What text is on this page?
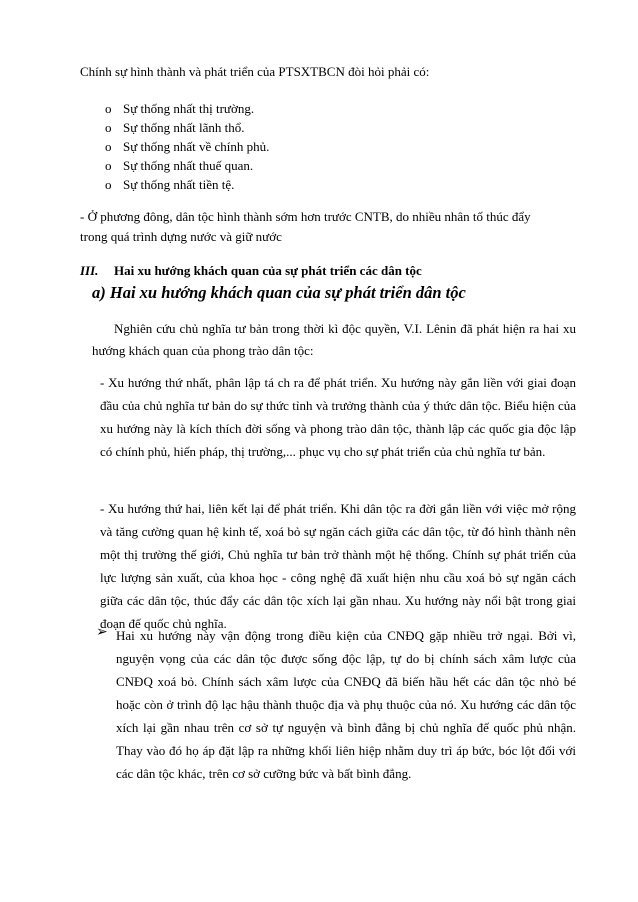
Chính sự hình thành và phát triển của PTSXTBCN đòi hỏi phải có:
o Sự thống nhất thị trường.
o Sự thống nhất lãnh thổ.
o Sự thống nhất về chính phủ.
o Sự thống nhất thuế quan.
o Sự thống nhất tiền tệ.
- Ở phương đông, dân tộc hình thành sớm hơn trước CNTB, do nhiều nhân tố thúc đẩy
trong quá trình dựng nước và giữ nước
III. Hai xu hướng khách quan của sự phát triển các dân tộc
a) Hai xu hướng khách quan của sự phát triển dân tộc

Nghiên cứu chủ nghĩa tư bản trong thời kì độc quyền, V.I. Lênin đã phát hiện ra hai xu hướng khách quan của phong trào dân tộc:

- Xu hướng thứ nhất, phân lập tá ch ra để phát triển. Xu hướng này gắn liền với giai đoạn đầu của chủ nghĩa tư bản do sự thức tỉnh và trưởng thành của ý thức dân tộc. Biểu hiện của xu hướng này là kích thích đời sống và phong trào dân tộc, thành lập các quốc gia độc lập có chính phủ, hiến pháp, thị trường,... phục vụ cho sự phát triển của chủ nghĩa tư bản.

- Xu hướng thứ hai, liên kết lại để phát triển. Khi dân tộc ra đời gắn liền với việc mở rộng và tăng cường quan hệ kinh tế, xoá bỏ sự ngăn cách giữa các dân tộc, từ đó hình thành nên một thị trường thế giới, Chủ nghĩa tư bản trở thành một hệ thống. Chính sự phát triển của lực lượng sản xuất, của khoa học - công nghệ đã xuất hiện nhu cầu xoá bỏ sự ngăn cách giữa các dân tộc, thúc đẩy các dân tộc xích lại gần nhau. Xu hướng này nổi bật trong giai đoạn đế quốc chủ nghĩa.

➢ Hai xu hướng này vận động trong điều kiện của CNĐQ gặp nhiều trở ngại. Bởi vì, nguyện vọng của các dân tộc được sống độc lập, tự do bị chính sách xâm lược của CNĐQ xoá bỏ. Chính sách xâm lược của CNĐQ đã biến hầu hết các dân tộc nhỏ bé hoặc còn ở trình độ lạc hậu thành thuộc địa và phụ thuộc của nó. Xu hướng các dân tộc xích lại gần nhau trên cơ sở tự nguyện và bình đẳng bị chủ nghĩa đế quốc phủ nhận. Thay vào đó họ áp đặt lập ra những khối liên hiệp nhằm duy trì áp bức, bóc lột đối với các dân tộc khác, trên cơ sở cưỡng bức và bất bình đẳng.
